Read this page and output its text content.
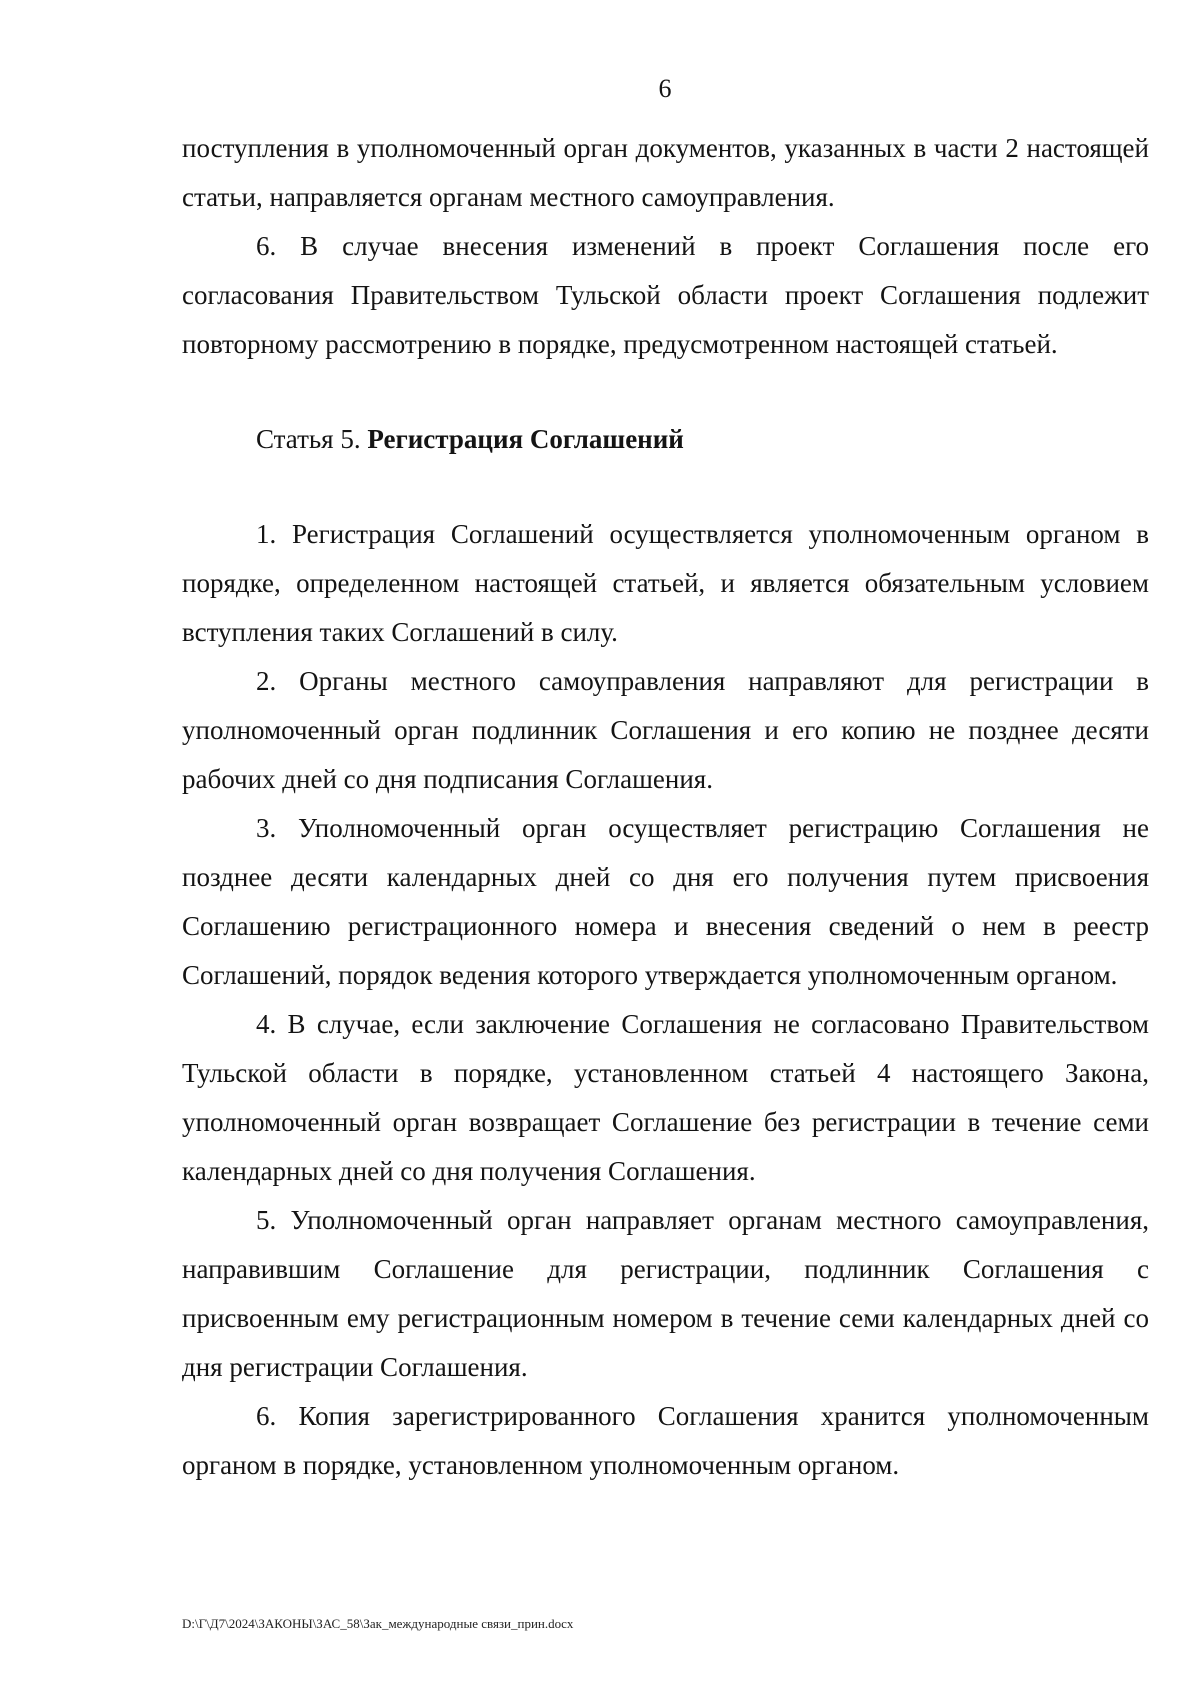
6

поступления в уполномоченный орган документов, указанных в части 2 настоящей статьи, направляется органам местного самоуправления.

6. В случае внесения изменений в проект Соглашения после его согласования Правительством Тульской области проект Соглашения подлежит повторному рассмотрению в порядке, предусмотренном настоящей статьей.

Статья 5. Регистрация Соглашений

1. Регистрация Соглашений осуществляется уполномоченным органом в порядке, определенном настоящей статьей, и является обязательным условием вступления таких Соглашений в силу.

2. Органы местного самоуправления направляют для регистрации в уполномоченный орган подлинник Соглашения и его копию не позднее десяти рабочих дней со дня подписания Соглашения.

3. Уполномоченный орган осуществляет регистрацию Соглашения не позднее десяти календарных дней со дня его получения путем присвоения Соглашению регистрационного номера и внесения сведений о нем в реестр Соглашений, порядок ведения которого утверждается уполномоченным органом.

4. В случае, если заключение Соглашения не согласовано Правительством Тульской области в порядке, установленном статьей 4 настоящего Закона, уполномоченный орган возвращает Соглашение без регистрации в течение семи календарных дней со дня получения Соглашения.

5. Уполномоченный орган направляет органам местного самоуправления, направившим Соглашение для регистрации, подлинник Соглашения с присвоенным ему регистрационным номером в течение семи календарных дней со дня регистрации Соглашения.

6. Копия зарегистрированного Соглашения хранится уполномоченным органом в порядке, установленном уполномоченным органом.

D:\Г\Д7\2024\ЗАКОНЫ\ЗАС_58\Зак_международные связи_прин.docx
